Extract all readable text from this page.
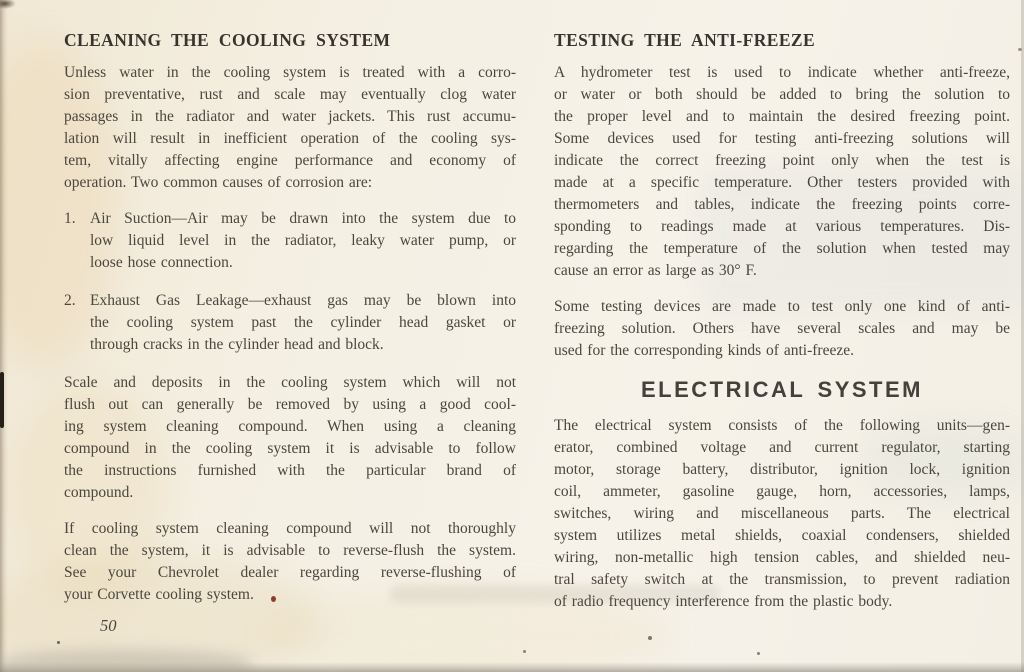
CLEANING THE COOLING SYSTEM
Unless water in the cooling system is treated with a corro-
sion preventative, rust and scale may eventually clog water
passages in the radiator and water jackets. This rust accumu-
lation will result in inefficient operation of the cooling sys-
tem, vitally affecting engine performance and economy of
operation. Two common causes of corrosion are:
1. Air Suction—Air may be drawn into the system due to
low liquid level in the radiator, leaky water pump, or
loose hose connection.
2. Exhaust Gas Leakage—exhaust gas may be blown into
the cooling system past the cylinder head gasket or
through cracks in the cylinder head and block.
Scale and deposits in the cooling system which will not
flush out can generally be removed by using a good cool-
ing system cleaning compound. When using a cleaning
compound in the cooling system it is advisable to follow
the instructions furnished with the particular brand of
compound.
If cooling system cleaning compound will not thoroughly
clean the system, it is advisable to reverse-flush the system.
See your Chevrolet dealer regarding reverse-flushing of
your Corvette cooling system.
TESTING THE ANTI-FREEZE
A hydrometer test is used to indicate whether anti-freeze,
or water or both should be added to bring the solution to
the proper level and to maintain the desired freezing point.
Some devices used for testing anti-freezing solutions will
indicate the correct freezing point only when the test is
made at a specific temperature. Other testers provided with
thermometers and tables, indicate the freezing points corre-
sponding to readings made at various temperatures. Dis-
regarding the temperature of the solution when tested may
cause an error as large as 30° F.
Some testing devices are made to test only one kind of anti-
freezing solution. Others have several scales and may be
used for the corresponding kinds of anti-freeze.
ELECTRICAL SYSTEM
The electrical system consists of the following units—gen-
erator, combined voltage and current regulator, starting
motor, storage battery, distributor, ignition lock, ignition
coil, ammeter, gasoline gauge, horn, accessories, lamps,
switches, wiring and miscellaneous parts. The electrical
system utilizes metal shields, coaxial condensers, shielded
wiring, non-metallic high tension cables, and shielded neu-
tral safety switch at the transmission, to prevent radiation
of radio frequency interference from the plastic body.
50
